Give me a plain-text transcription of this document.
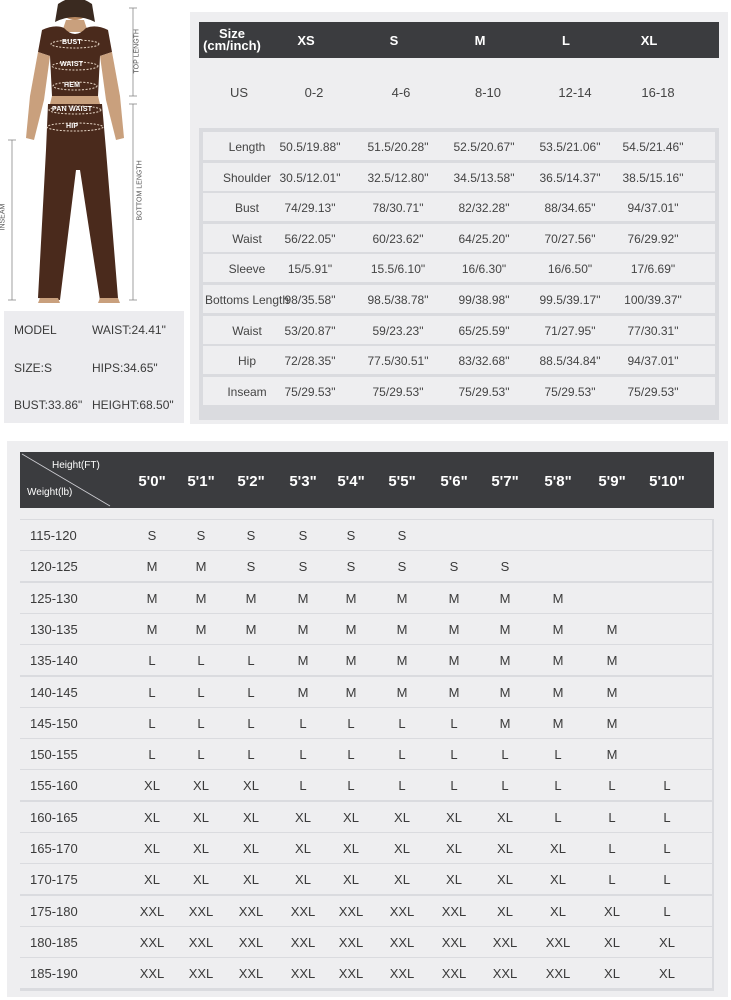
BUST
WAIST
HEM
PAN WAIST
HIP
TOP LENGTH
BOTTOM LENGTH
INSEAM
MODEL	WAIST:24.41"
SIZE:S	HIPS:34.65"
BUST:33.86" HEIGHT:68.50"
Size
(cm/inch)	XS	S	M	L	XL
US	0-2	4-6	8-10	12-14	16-18
Length 50.5/19.88" 51.5/20.28" 52.5/20.67" 53.5/21.06" 54.5/21.46"
Shoulder 30.5/12.01" 32.5/12.80" 34.5/13.58" 36.5/14.37" 38.5/15.16"
Bust 74/29.13"	78/30.71"	82/32.28"	88/34.65"	94/37.01"
Waist 56/22.05"	60/23.62"	64/25.20"	70/27.56"	76/29.92"
Sleeve 15/5.91"	15.5/6.10"	16/6.30"	16/6.50"	17/6.69"
Bottoms Length
98/35.58"	98.5/38.78"	99/38.98"	99.5/39.17" 100/39.37"
Waist 53/20.87"	59/23.23"	65/25.59"	71/27.95"	77/30.31"
Hip 72/28.35"	77.5/30.51"	83/32.68"	88.5/34.84" 94/37.01"
Inseam 75/29.53"	75/29.53"	75/29.53"	75/29.53"	75/29.53"
Height(FT)
Weight(lb)
5'0" 5'1" 5'2" 5'3" 5'4" 5'5" 5'6" 5'7" 5'8" 5'9" 5'10"
115-120	S	S	S	S	S	S
120-125	M	M	S	S	S	S	S	S
125-130	M	M	M	M	M	M	M	M	M
130-135	M	M	M	M	M	M	M	M	M	M
135-140	L	L	L	M	M	M	M	M	M	M
140-145	L	L	L	M	M	M	M	M	M	M
145-150	L	L	L	L	L	L	L	M	M	M
150-155	L	L	L	L	L	L	L	L	L	M
155-160	XL	XL	XL	L	L	L	L	L	L	L	L
160-165	XL	XL	XL	XL XL	XL	XL	XL	L	L	L
165-170	XL	XL	XL	XL XL	XL	XL	XL	XL	L	L
170-175	XL	XL	XL	XL XL	XL	XL	XL	XL	L	L
175-180	XXL XXL XXL XXL XXL XXL XXL XL	XL	XL	L
180-185	XXL XXL XXL XXL XXL XXL XXL XXL XXL	XL	XL
185-190	XXL XXL XXL XXL XXL XXL XXL XXL XXL	XL	XL
